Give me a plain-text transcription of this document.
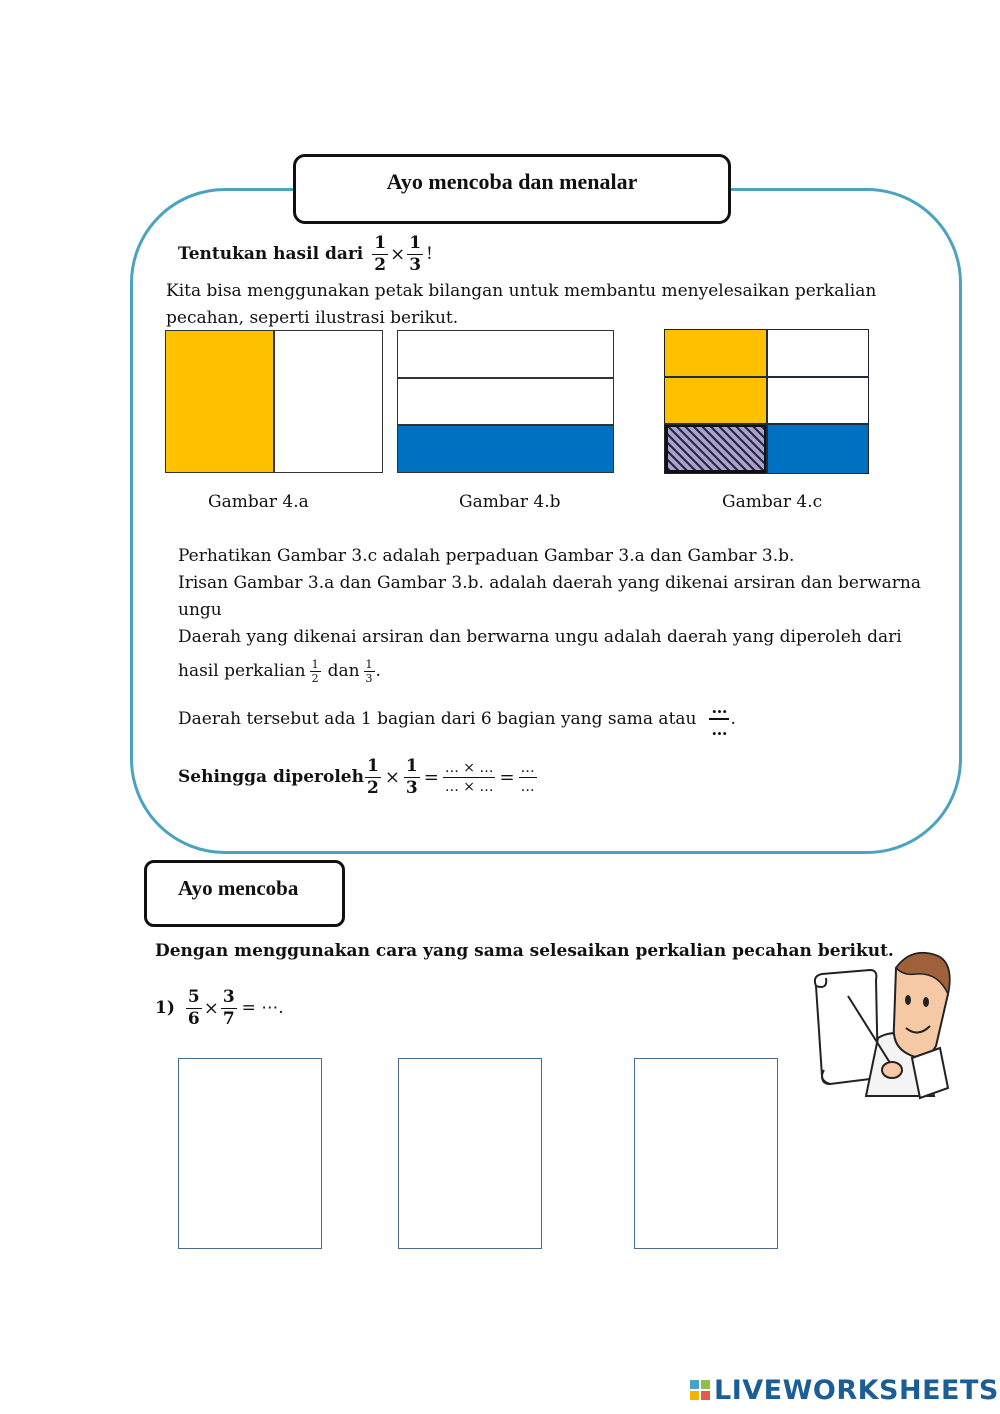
Ayo mencoba dan menalar
Tentukan hasil dari $\frac{1}{2} \times \frac{1}{3}$ !
Kita bisa menggunakan petak bilangan untuk membantu menyelesaikan perkalian
pecahan, seperti ilustrasi berikut.
Gambar 4.a	Gambar 4.b	Gambar 4.c
Perhatikan Gambar 3.c adalah perpaduan Gambar 3.a dan Gambar 3.b.
Irisan Gambar 3.a dan Gambar 3.b. adalah daerah yang dikenai arsiran dan berwarna
ungu
Daerah yang dikenai arsiran dan berwarna ungu adalah daerah yang diperoleh dari
hasil perkalian $\frac{1}{2}$ dan $\frac{1}{3}$ .
Daerah tersebut ada 1 bagian dari 6 bagian yang sama atau $\frac{\dots}{\dots}$ .
Sehingga diperoleh $\frac{1}{2} \times \frac{1}{3} = \frac{\dots \times \dots}{\dots \times \dots} = \frac{\dots}{\dots}$
Ayo mencoba
Dengan menggunakan cara yang sama selesaikan perkalian pecahan berikut.
$1) \frac{5}{6} \times \frac{3}{7}$ = ⋯.
LIVEWORKSHEETS
